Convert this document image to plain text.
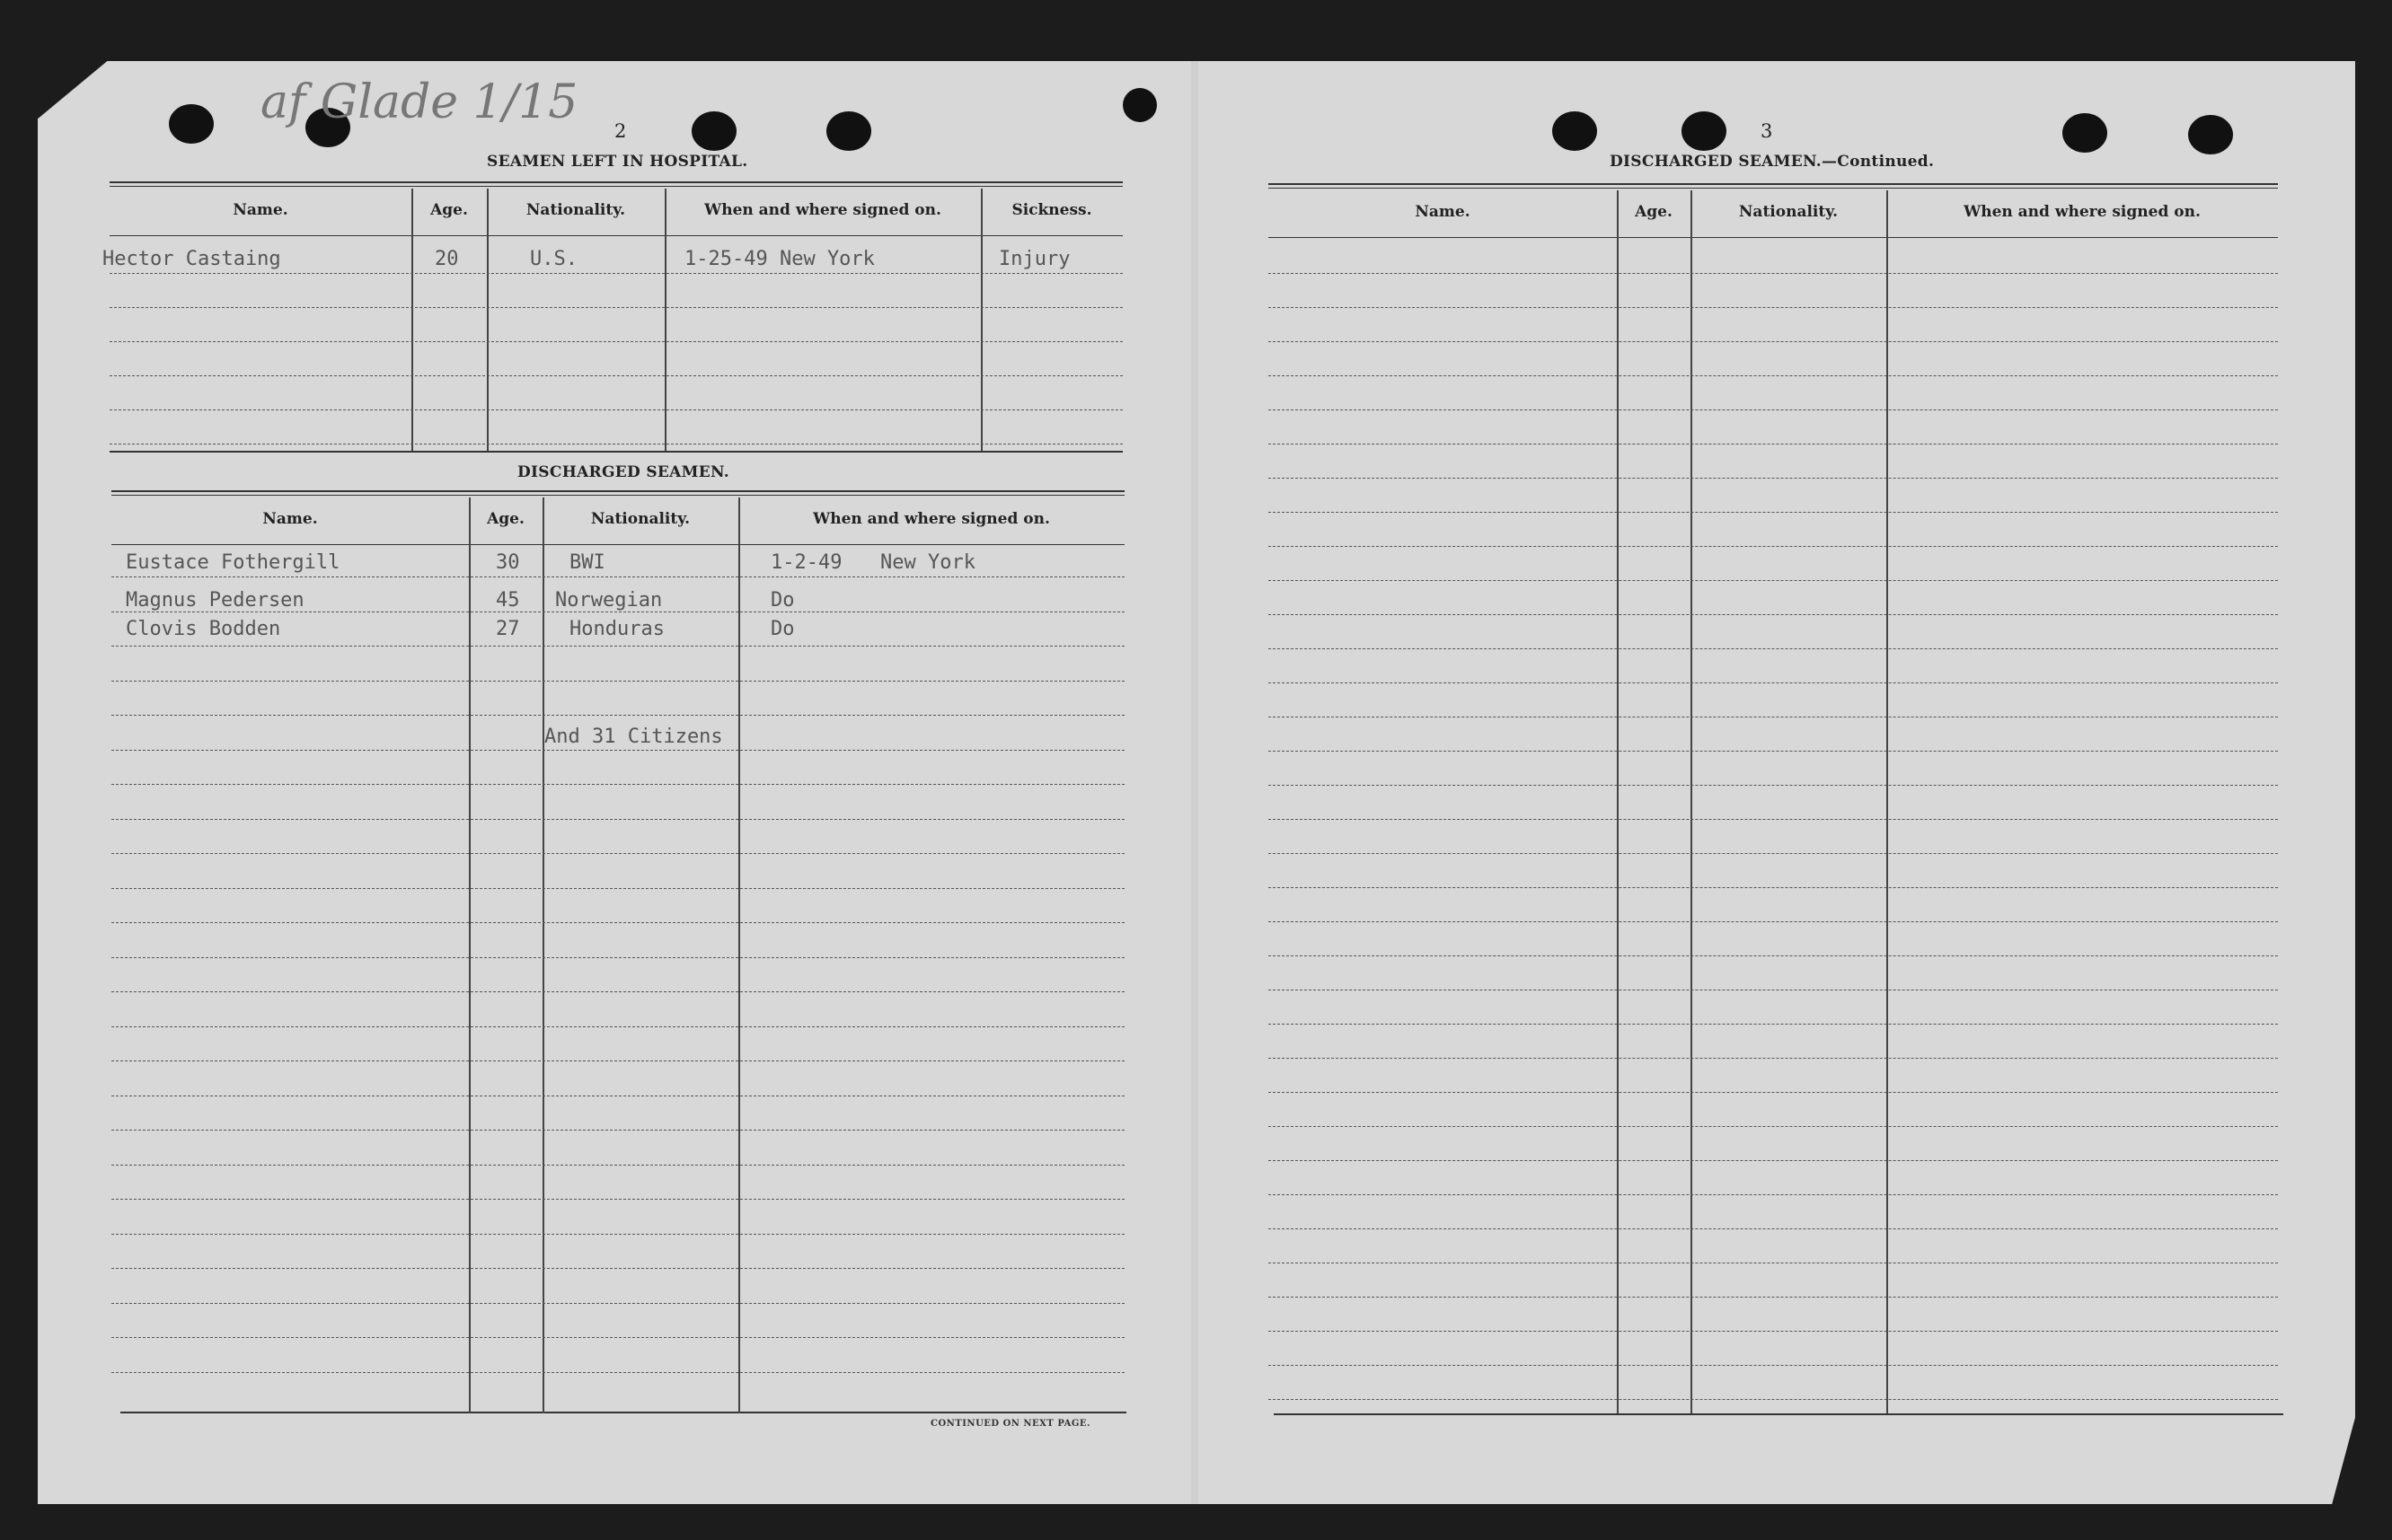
af Glade 1/15
2
SEAMEN LEFT IN HOSPITAL.
Name.	Age.	Nationality.	When and where signed on.	Sickness.
Hector Castaing	20	U.S.	1-25-49 New York	Injury
DISCHARGED SEAMEN.
Name.	Age.	Nationality.	When and where signed on.
Eustace Fothergill	30	BWI	1-2-49 New York
Magnus Pedersen	45 Norwegian	Do
Clovis Bodden	27	Honduras	Do
And 31 Citizens
CONTINUED ON NEXT PAGE.
3
DISCHARGED SEAMEN.—Continued.
Name.	Age.	Nationality.	When and where signed on.
